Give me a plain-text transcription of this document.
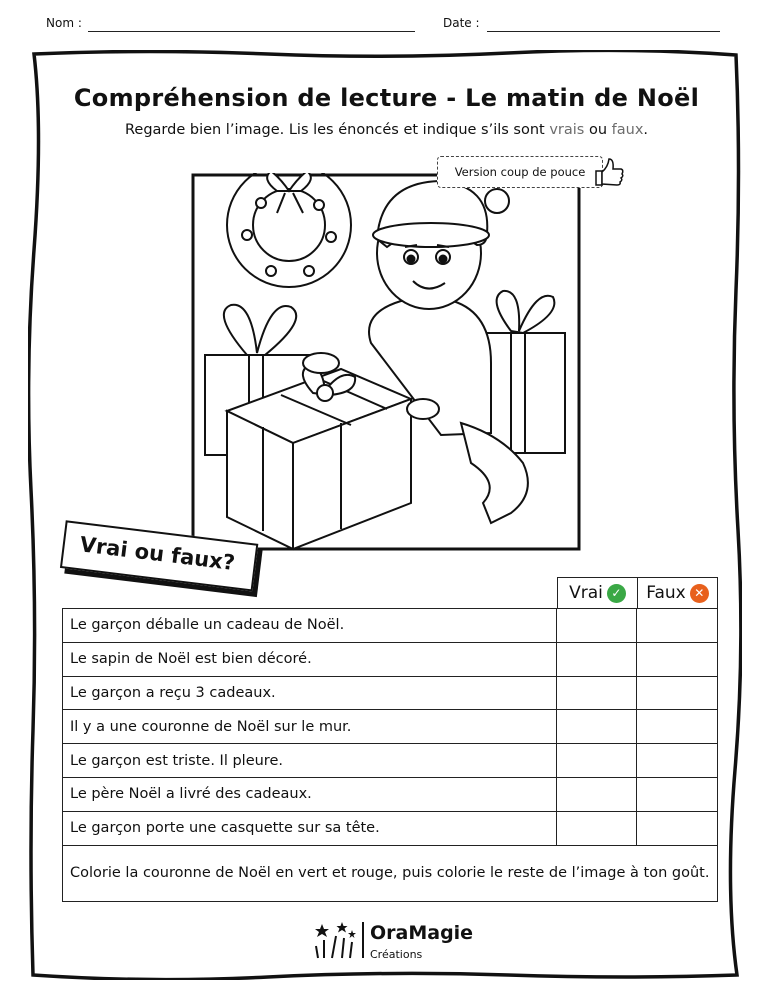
Nom :	Date :
Compréhension de lecture - Le matin de Noël
Regarde bien l’image. Lis les énoncés et indique s’ils sont vrais ou faux.
Version coup de pouce
Vrai ou faux?
Vrai ✓ Faux ✕
Le garçon déballe un cadeau de Noël.		
Le sapin de Noël est bien décoré.		
Le garçon a reçu 3 cadeaux.		
Il y a une couronne de Noël sur le mur.		
Le garçon est triste. Il pleure.		
Le père Noël a livré des cadeaux.		
Le garçon porte une casquette sur sa tête.		
Colorie la couronne de Noël en vert et rouge, puis colorie le reste de l’image à ton goût.		
OraMagie
Créations
